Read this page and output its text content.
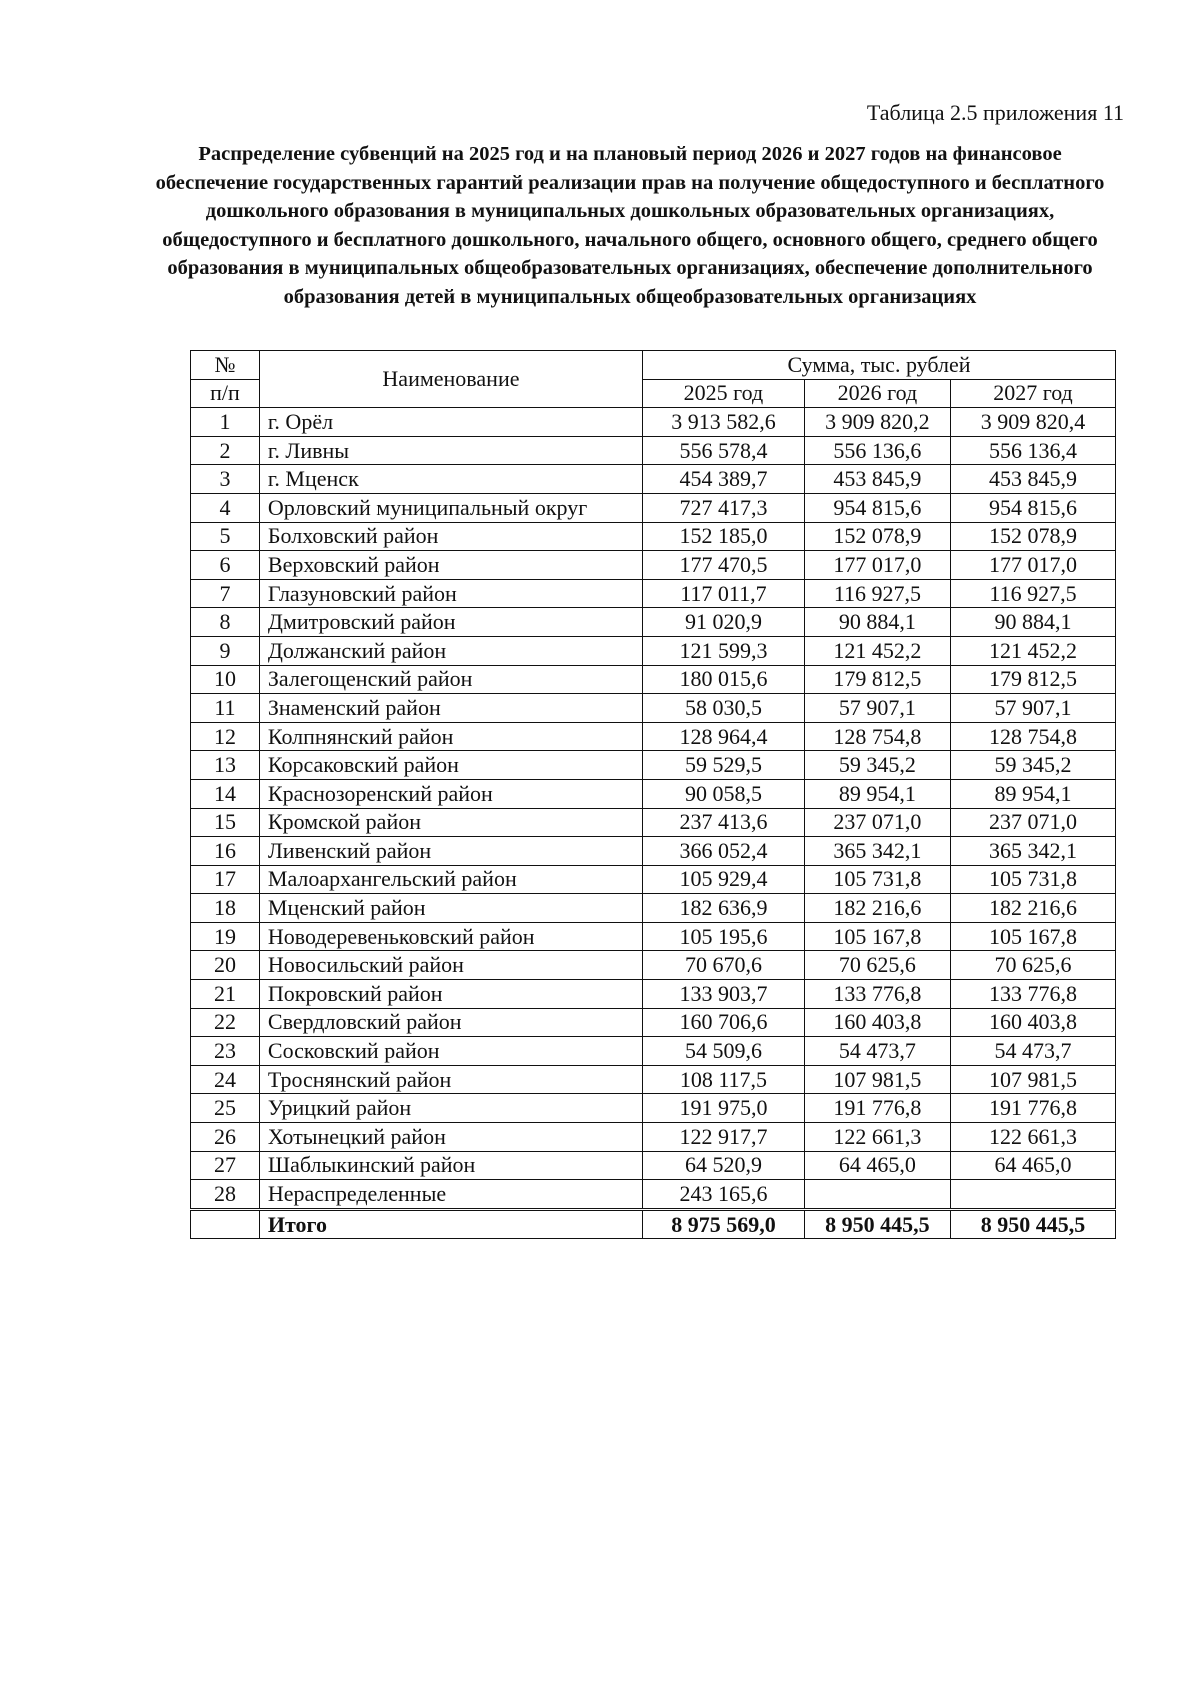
Таблица 2.5 приложения 11
Распределение субвенций на 2025 год и на плановый период 2026 и 2027 годов на финансовое обеспечение государственных гарантий реализации прав на получение общедоступного и бесплатного дошкольного образования в муниципальных дошкольных образовательных организациях, общедоступного и бесплатного дошкольного, начального общего, основного общего, среднего общего образования в муниципальных общеобразовательных организациях, обеспечение дополнительного образования детей в муниципальных общеобразовательных организациях
№	Наименование	Сумма, тыс. рублей		
п/п		2025 год	2026 год	2027 год
1	г. Орёл	3 913 582,6	3 909 820,2	3 909 820,4
2	г. Ливны	556 578,4	556 136,6	556 136,4
3	г. Мценск	454 389,7	453 845,9	453 845,9
4	Орловский муниципальный округ	727 417,3	954 815,6	954 815,6
5	Болховский район	152 185,0	152 078,9	152 078,9
6	Верховский район	177 470,5	177 017,0	177 017,0
7	Глазуновский район	117 011,7	116 927,5	116 927,5
8	Дмитровский район	91 020,9	90 884,1	90 884,1
9	Должанский район	121 599,3	121 452,2	121 452,2
10	Залегощенский район	180 015,6	179 812,5	179 812,5
11	Знаменский район	58 030,5	57 907,1	57 907,1
12	Колпнянский район	128 964,4	128 754,8	128 754,8
13	Корсаковский район	59 529,5	59 345,2	59 345,2
14	Краснозоренский район	90 058,5	89 954,1	89 954,1
15	Кромской район	237 413,6	237 071,0	237 071,0
16	Ливенский район	366 052,4	365 342,1	365 342,1
17	Малоархангельский район	105 929,4	105 731,8	105 731,8
18	Мценский район	182 636,9	182 216,6	182 216,6
19	Новодеревеньковский район	105 195,6	105 167,8	105 167,8
20	Новосильский район	70 670,6	70 625,6	70 625,6
21	Покровский район	133 903,7	133 776,8	133 776,8
22	Свердловский район	160 706,6	160 403,8	160 403,8
23	Сосковский район	54 509,6	54 473,7	54 473,7
24	Троснянский район	108 117,5	107 981,5	107 981,5
25	Урицкий район	191 975,0	191 776,8	191 776,8
26	Хотынецкий район	122 917,7	122 661,3	122 661,3
27	Шаблыкинский район	64 520,9	64 465,0	64 465,0
28	Нераспределенные	243 165,6		
	Итого	8 975 569,0	8 950 445,5	8 950 445,5
